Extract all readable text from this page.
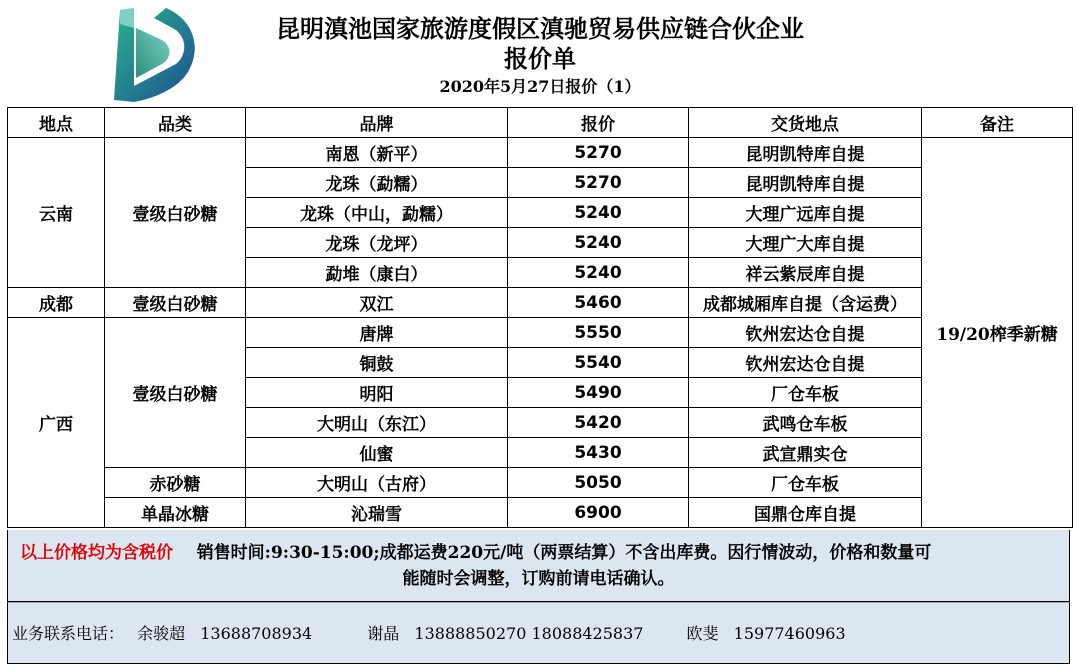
昆明滇池国家旅游度假区滇驰贸易供应链合伙企业
报价单
2020年5月27日报价（1）
地点	品类	品牌	报价	交货地点	备注
云南	壹级白砂糖	南恩（新平）	5270	昆明凯特库自提	19/20榨季新糖
		龙珠（勐糯）	5270	昆明凯特库自提	
		龙珠（中山，勐糯）	5240	大理广远库自提	
		龙珠（龙坪）	5240	大理广大库自提	
		勐堆（康白）	5240	祥云紫辰库自提	
成都	壹级白砂糖	双江	5460	成都城厢库自提（含运费）	
广西	壹级白砂糖	唐牌	5550	钦州宏达仓自提	
		铜鼓	5540	钦州宏达仓自提	
		明阳	5490	厂仓车板	
		大明山（东江）	5420	武鸣仓车板	
		仙蜜	5430	武宣鼎实仓	
	赤砂糖	大明山（古府）	5050	厂仓车板	
	单晶冰糖	沁瑞雪	6900	国鼎仓库自提	
以上价格均为含税价 销售时间:9:30-15:00;成都运费220元/吨（两票结算）不含出库费。因行情波动，价格和数量可
能随时会调整，订购前请电话确认。
业务联系电话： 余骏超 13688708934	谢晶 13888850270 18088425837	欧斐 15977460963
